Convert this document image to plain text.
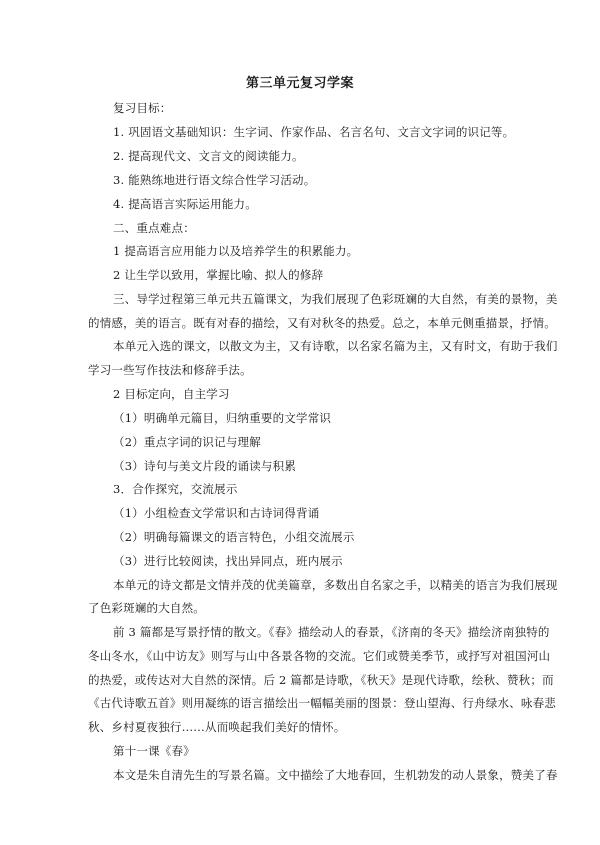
第三单元复习学案
复习目标：
1. 巩固语文基础知识：生字词、作家作品、名言名句、文言文字词的识记等。
2. 提高现代文、文言文的阅读能力。
3. 能熟练地进行语文综合性学习活动。
4. 提高语言实际运用能力。
二、重点难点：
1 提高语言应用能力以及培养学生的积累能力。
2 让生学以致用，掌握比喻、拟人的修辞
三、导学过程第三单元共五篇课文，为我们展现了色彩斑斓的大自然，有美的景物，美
的情感，美的语言。既有对春的描绘，又有对秋冬的热爱。总之，本单元侧重描景，抒情。
本单元入选的课文，以散文为主，又有诗歌，以名家名篇为主，又有时文，有助于我们
学习一些写作技法和修辞手法。
2 目标定向，自主学习
（1）明确单元篇目，归纳重要的文学常识
（2）重点字词的识记与理解
（3）诗句与美文片段的诵读与积累
3．合作探究，交流展示
（1）小组检查文学常识和古诗词得背诵
（2）明确每篇课文的语言特色，小组交流展示
（3）进行比较阅读，找出异同点，班内展示
本单元的诗文都是文情并茂的优美篇章，多数出自名家之手，以精美的语言为我们展现
了色彩斑斓的大自然。
前 3 篇都是写景抒情的散文。《春》描绘动人的春景，《济南的冬天》描绘济南独特的
冬山冬水，《山中访友》则写与山中各景各物的交流。它们或赞美季节，或抒写对祖国河山
的热爱，或传达对大自然的深情。后 2 篇都是诗歌，《秋天》是现代诗歌，绘秋、赞秋；而
《古代诗歌五首》则用凝练的语言描绘出一幅幅美丽的图景：登山望海、行舟绿水、咏春悲
秋、乡村夏夜独行……从而唤起我们美好的情怀。
第十一课《春》
本文是朱自清先生的写景名篇。文中描绘了大地春回，生机勃发的动人景象，赞美了春
